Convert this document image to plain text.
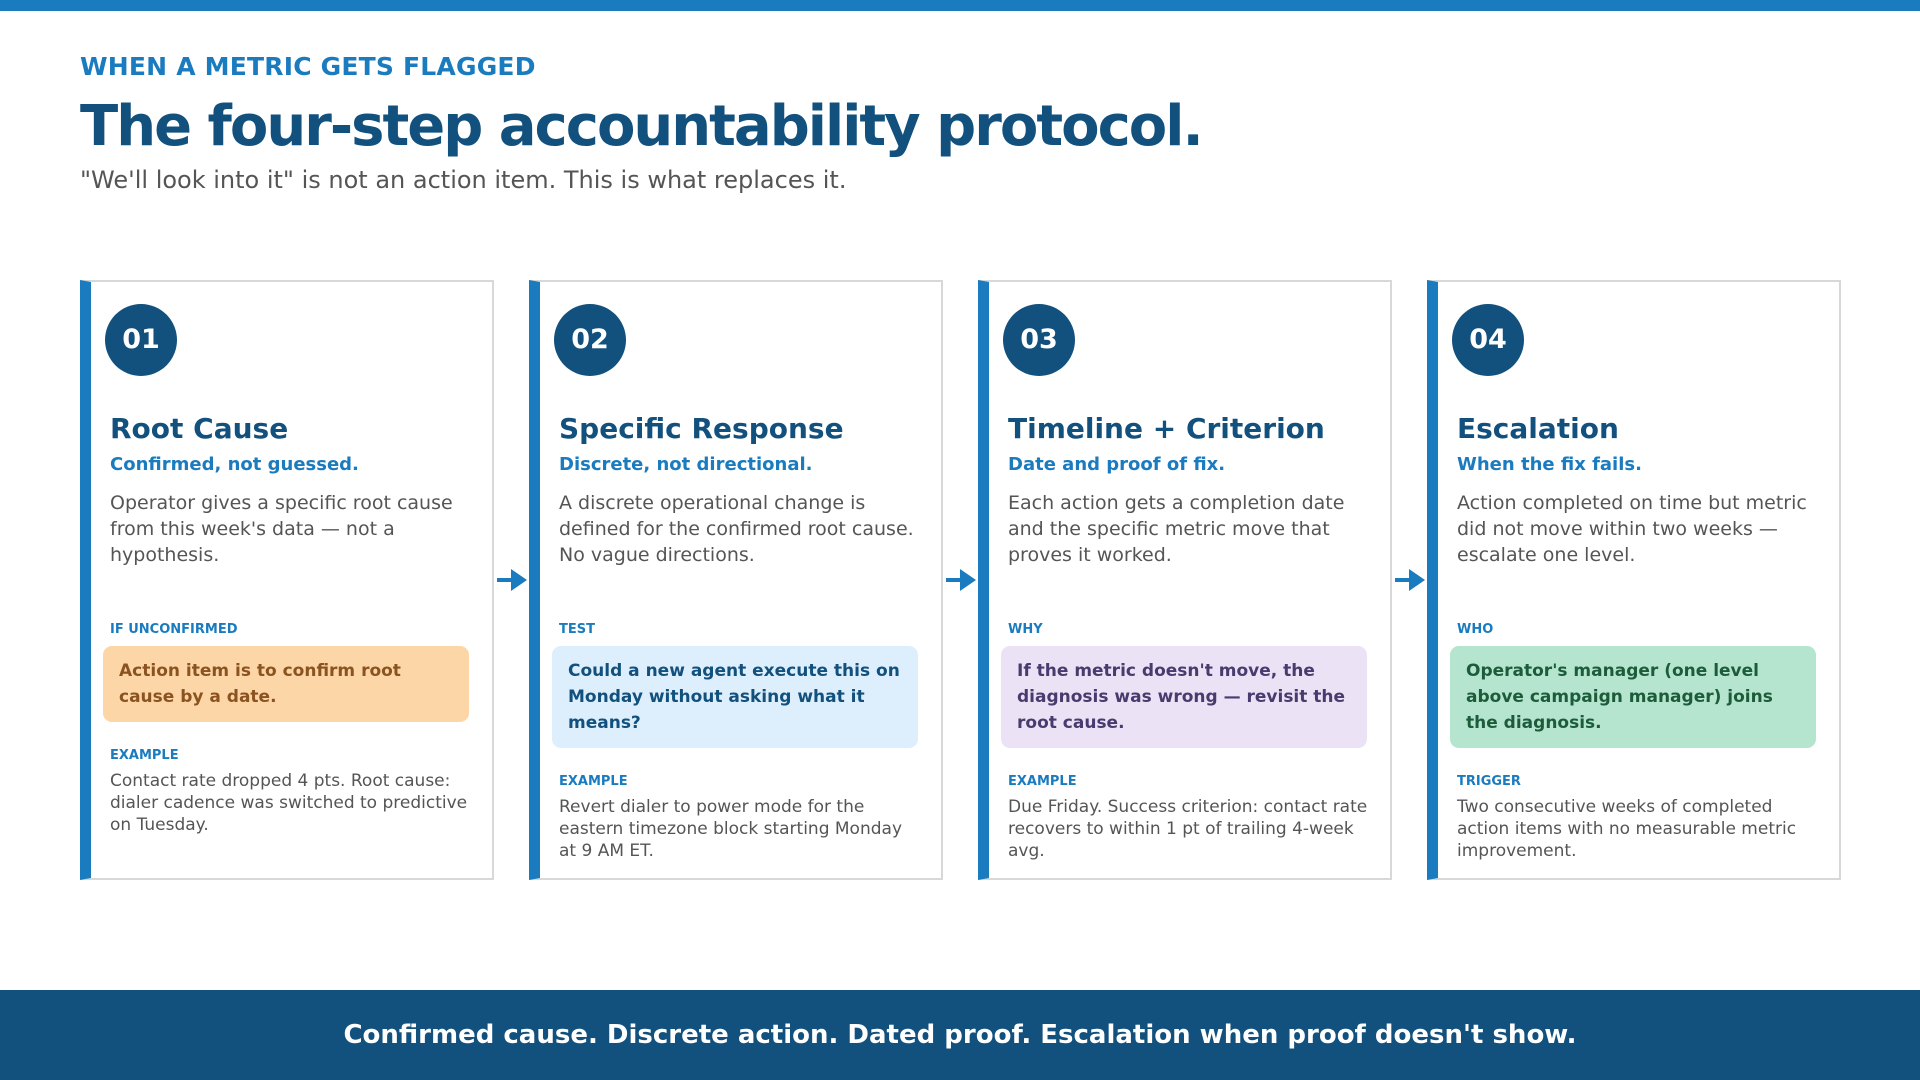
WHEN A METRIC GETS FLAGGED
The four-step accountability protocol.
"We'll look into it" is not an action item. This is what replaces it.
01
Root Cause
Confirmed, not guessed.
Operator gives a specific root cause from this week's data — not a hypothesis.
IF UNCONFIRMED
Action item is to confirm root cause by a date.
EXAMPLE
Contact rate dropped 4 pts. Root cause: dialer cadence was switched to predictive on Tuesday.
02
Specific Response
Discrete, not directional.
A discrete operational change is defined for the confirmed root cause. No vague directions.
TEST
Could a new agent execute this on Monday without asking what it means?
EXAMPLE
Revert dialer to power mode for the eastern timezone block starting Monday at 9 AM ET.
03
Timeline + Criterion
Date and proof of fix.
Each action gets a completion date and the specific metric move that proves it worked.
WHY
If the metric doesn't move, the diagnosis was wrong — revisit the root cause.
EXAMPLE
Due Friday. Success criterion: contact rate recovers to within 1 pt of trailing 4-week avg.
04
Escalation
When the fix fails.
Action completed on time but metric did not move within two weeks — escalate one level.
WHO
Operator's manager (one level above campaign manager) joins the diagnosis.
TRIGGER
Two consecutive weeks of completed action items with no measurable metric improvement.
Confirmed cause. Discrete action. Dated proof. Escalation when proof doesn't show.
